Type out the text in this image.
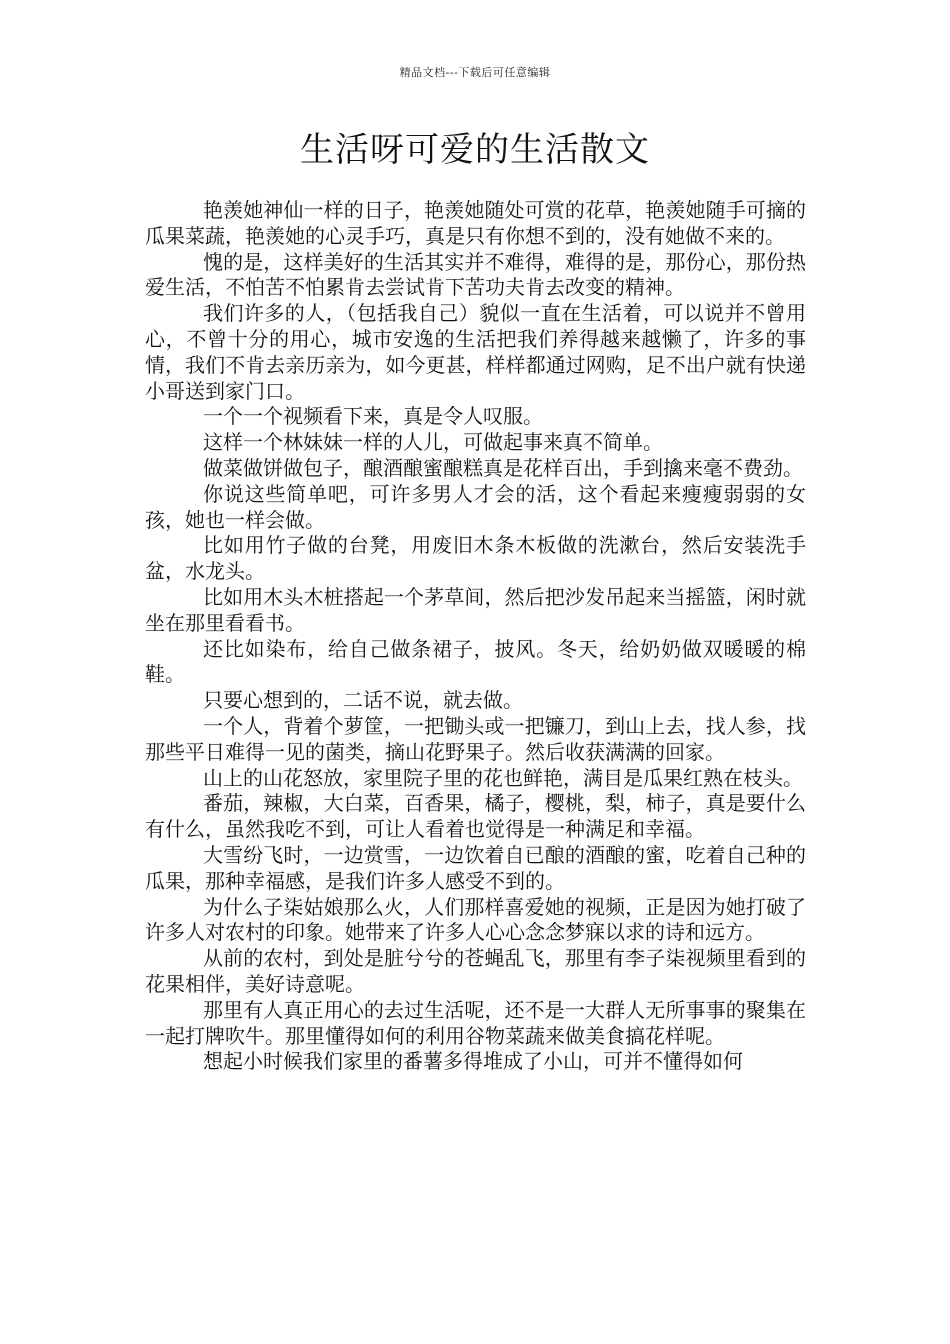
精品文档---下载后可任意编辑
生活呀可爱的生活散文

艳羡她神仙一样的日子，艳羡她随处可赏的花草，艳羡她随手可摘的瓜果菜蔬，艳羡她的心灵手巧，真是只有你想不到的，没有她做不来的。

愧的是，这样美好的生活其实并不难得，难得的是，那份心，那份热爱生活，不怕苦不怕累肯去尝试肯下苦功夫肯去改变的精神。

我们许多的人，（包括我自己）貌似一直在生活着，可以说并不曾用心，不曾十分的用心，城市安逸的生活把我们养得越来越懒了，许多的事情，我们不肯去亲历亲为，如今更甚，样样都通过网购，足不出户就有快递小哥送到家门口。

一个一个视频看下来，真是令人叹服。

这样一个林妹妹一样的人儿，可做起事来真不简单。

做菜做饼做包子，酿酒酿蜜酿糕真是花样百出，手到擒来毫不费劲。

你说这些简单吧，可许多男人才会的活，这个看起来瘦瘦弱弱的女孩，她也一样会做。

比如用竹子做的台凳，用废旧木条木板做的洗漱台，然后安装洗手盆，水龙头。

比如用木头木桩搭起一个茅草间，然后把沙发吊起来当摇篮，闲时就坐在那里看看书。

还比如染布，给自己做条裙子，披风。冬天，给奶奶做双暖暖的棉鞋。

只要心想到的，二话不说，就去做。

一个人，背着个萝筐，一把锄头或一把镰刀，到山上去，找人参，找那些平日难得一见的菌类，摘山花野果子。然后收获满满的回家。

山上的山花怒放，家里院子里的花也鲜艳，满目是瓜果红熟在枝头。

番茄，辣椒，大白菜，百香果，橘子，樱桃，梨，柿子，真是要什么有什么，虽然我吃不到，可让人看着也觉得是一种满足和幸福。

大雪纷飞时，一边赏雪，一边饮着自已酿的酒酿的蜜，吃着自己种的瓜果，那种幸福感，是我们许多人感受不到的。

为什么子柒姑娘那么火，人们那样喜爱她的视频，正是因为她打破了许多人对农村的印象。她带来了许多人心心念念梦寐以求的诗和远方。

从前的农村，到处是脏兮兮的苍蝇乱飞，那里有李子柒视频里看到的花果相伴，美好诗意呢。

那里有人真正用心的去过生活呢，还不是一大群人无所事事的聚集在一起打牌吹牛。那里懂得如何的利用谷物菜蔬来做美食搞花样呢。

想起小时候我们家里的番薯多得堆成了小山，可并不懂得如何
